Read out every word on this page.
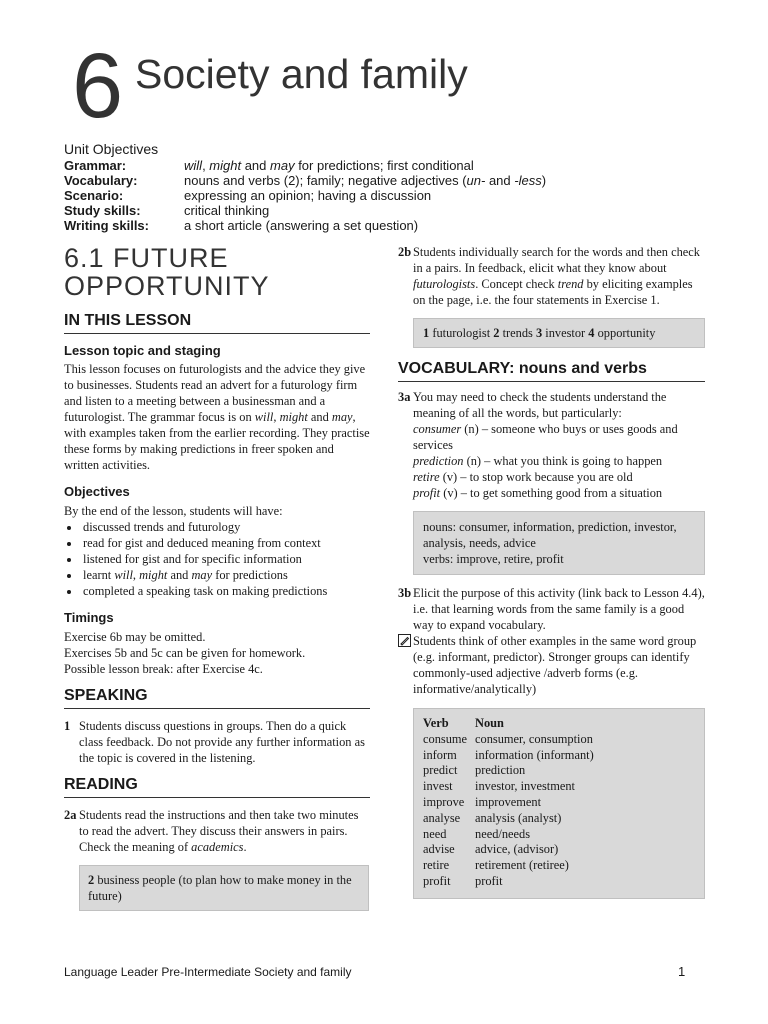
6 Society and family
Unit Objectives
Grammar:	will, might and may for predictions; first conditional
Vocabulary:	nouns and verbs (2); family; negative adjectives (un- and -less)
Scenario:	expressing an opinion; having a discussion
Study skills:	critical thinking
Writing skills:	a short article (answering a set question)
6.1 FUTURE
OPPORTUNITY
IN THIS LESSON
Lesson topic and staging

This lesson focuses on futurologists and the advice they give to businesses. Students read an advert for a futurology firm and listen to a meeting between a businessman and a futurologist. The grammar focus is on will, might and may, with examples taken from the earlier recording. They practise these forms by making predictions in freer spoken and written activities.

Objectives

By the end of the lesson, students will have:

• discussed trends and futurology
• read for gist and deduced meaning from context
• listened for gist and for specific information
• learnt will, might and may for predictions
• completed a speaking task on making predictions
Timings

Exercise 6b may be omitted.

Exercises 5b and 5c can be given for homework.

Possible lesson break: after Exercise 4c.

SPEAKING
1 Students discuss questions in groups. Then do a quick class feedback. Do not provide any further information as the topic is covered in the listening.
READING
2a Students read the instructions and then take two minutes to read the advert. They discuss their answers in pairs. Check the meaning of academics.
2 business people (to plan how to make money in the future)
2b Students individually search for the words and then check in a pairs. In feedback, elicit what they know about futurologists. Concept check trend by eliciting examples on the page, i.e. the four statements in Exercise 1.
1 futurologist 2 trends 3 investor 4 opportunity
VOCABULARY: nouns and verbs
3a You may need to check the students understand the meaning of all the words, but particularly:
consumer (n) – someone who buys or uses goods and services
prediction (n) – what you think is going to happen
retire (v) – to stop work because you are old
profit (v) – to get something good from a situation
nouns: consumer, information, prediction, investor, analysis, needs, advice
verbs: improve, retire, profit
3b Elicit the purpose of this activity (link back to Lesson 4.4), i.e. that learning words from the same family is a good way to expand vocabulary.
Students think of other examples in the same word group (e.g. informant, predictor). Stronger groups can identify commonly-used adjective /adverb forms (e.g. informative/analytically)
Verb	Noun
consume	consumer, consumption
inform	information (informant)
predict	prediction
invest	investor, investment
improve	improvement
analyse	analysis (analyst)
need	need/needs
advise	advice, (advisor)
retire	retirement (retiree)
profit	profit
Language Leader Pre-Intermediate Society and family	1
